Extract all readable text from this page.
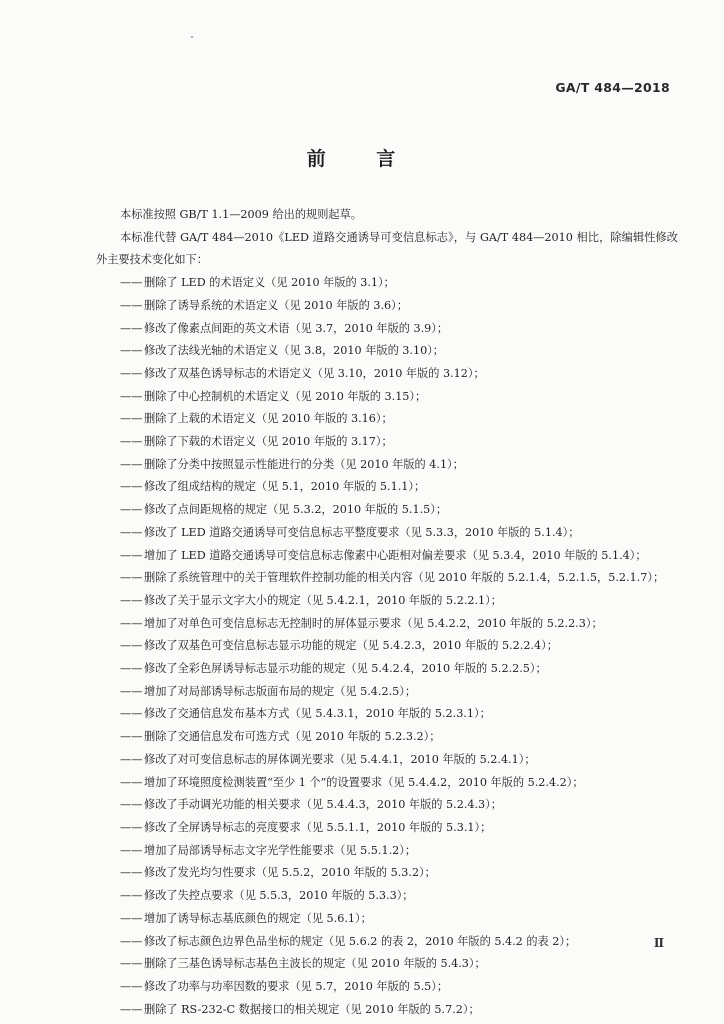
GA/T 484—2018
前 言
本标准按照 GB/T 1.1—2009 给出的规则起草。
本标准代替 GA/T 484—2010《LED 道路交通诱导可变信息标志》，与 GA/T 484—2010 相比，除编辑性修改外主要技术变化如下：
—— 删除了 LED 的术语定义（见 2010 年版的 3.1）；
—— 删除了诱导系统的术语定义（见 2010 年版的 3.6）；
—— 修改了像素点间距的英文术语（见 3.7，2010 年版的 3.9）；
—— 修改了法线光轴的术语定义（见 3.8，2010 年版的 3.10）；
—— 修改了双基色诱导标志的术语定义（见 3.10，2010 年版的 3.12）；
—— 删除了中心控制机的术语定义（见 2010 年版的 3.15）；
—— 删除了上载的术语定义（见 2010 年版的 3.16）；
—— 删除了下载的术语定义（见 2010 年版的 3.17）；
—— 删除了分类中按照显示性能进行的分类（见 2010 年版的 4.1）；
—— 修改了组成结构的规定（见 5.1，2010 年版的 5.1.1）；
—— 修改了点间距规格的规定（见 5.3.2，2010 年版的 5.1.5）；
—— 修改了 LED 道路交通诱导可变信息标志平整度要求（见 5.3.3，2010 年版的 5.1.4）；
—— 增加了 LED 道路交通诱导可变信息标志像素中心距相对偏差要求（见 5.3.4，2010 年版的 5.1.4）；
—— 删除了系统管理中的关于管理软件控制功能的相关内容（见 2010 年版的 5.2.1.4，5.2.1.5，5.2.1.7）；
—— 修改了关于显示文字大小的规定（见 5.4.2.1，2010 年版的 5.2.2.1）；
—— 增加了对单色可变信息标志无控制时的屏体显示要求（见 5.4.2.2，2010 年版的 5.2.2.3）；
—— 修改了双基色可变信息标志显示功能的规定（见 5.4.2.3，2010 年版的 5.2.2.4）；
—— 修改了全彩色屏诱导标志显示功能的规定（见 5.4.2.4，2010 年版的 5.2.2.5）；
—— 增加了对局部诱导标志版面布局的规定（见 5.4.2.5）；
—— 修改了交通信息发布基本方式（见 5.4.3.1，2010 年版的 5.2.3.1）；
—— 删除了交通信息发布可选方式（见 2010 年版的 5.2.3.2）；
—— 修改了对可变信息标志的屏体调光要求（见 5.4.4.1，2010 年版的 5.2.4.1）；
—— 增加了环境照度检测装置“至少 1 个”的设置要求（见 5.4.4.2，2010 年版的 5.2.4.2）；
—— 修改了手动调光功能的相关要求（见 5.4.4.3，2010 年版的 5.2.4.3）；
—— 修改了全屏诱导标志的亮度要求（见 5.5.1.1，2010 年版的 5.3.1）；
—— 增加了局部诱导标志文字光学性能要求（见 5.5.1.2）；
—— 修改了发光均匀性要求（见 5.5.2，2010 年版的 5.3.2）；
—— 修改了失控点要求（见 5.5.3，2010 年版的 5.3.3）；
—— 增加了诱导标志基底颜色的规定（见 5.6.1）；
—— 修改了标志颜色边界色品坐标的规定（见 5.6.2 的表 2，2010 年版的 5.4.2 的表 2）；
—— 删除了三基色诱导标志基色主波长的规定（见 2010 年版的 5.4.3）；
—— 修改了功率与功率因数的要求（见 5.7，2010 年版的 5.5）；
—— 删除了 RS-232-C 数据接口的相关规定（见 2010 年版的 5.7.2）；
Ⅱ
